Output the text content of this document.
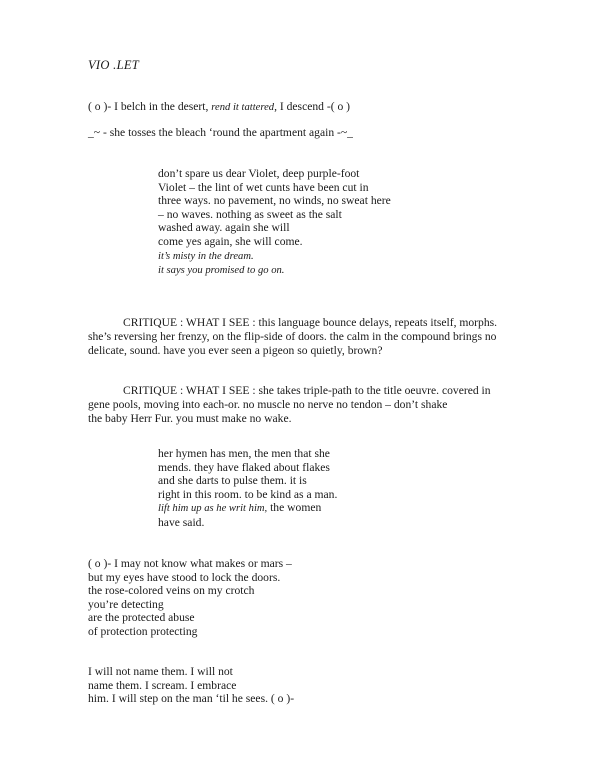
VIO .LET
( o )- I belch in the desert, rend it tattered, I descend -( o )
_~ - she tosses the bleach ‘round the apartment again -~_
don’t spare us dear Violet, deep purple-foot
Violet – the lint of wet cunts have been cut in
three ways. no pavement, no winds, no sweat here
– no waves. nothing as sweet as the salt
washed away. again she will
come yes again, she will come.
it’s misty in the dream.
it says you promised to go on.
CRITIQUE : WHAT I SEE : this language bounce delays, repeats itself, morphs. she’s reversing her frenzy, on the flip-side of doors. the calm in the compound brings no delicate, sound. have you ever seen a pigeon so quietly, brown?
CRITIQUE : WHAT I SEE : she takes triple-path to the title oeuvre. covered in
gene pools, moving into each-or. no muscle no nerve no tendon – don’t shake
the baby Herr Fur. you must make no wake.
her hymen has men, the men that she
mends. they have flaked about flakes
and she darts to pulse them. it is
right in this room. to be kind as a man.
lift him up as he writ him, the women
have said.
( o )- I may not know what makes or mars –
but my eyes have stood to lock the doors.
the rose-colored veins on my crotch
you’re detecting
are the protected abuse
of protection protecting
I will not name them. I will not
name them. I scream. I embrace
him. I will step on the man ‘til he sees. ( o )-
